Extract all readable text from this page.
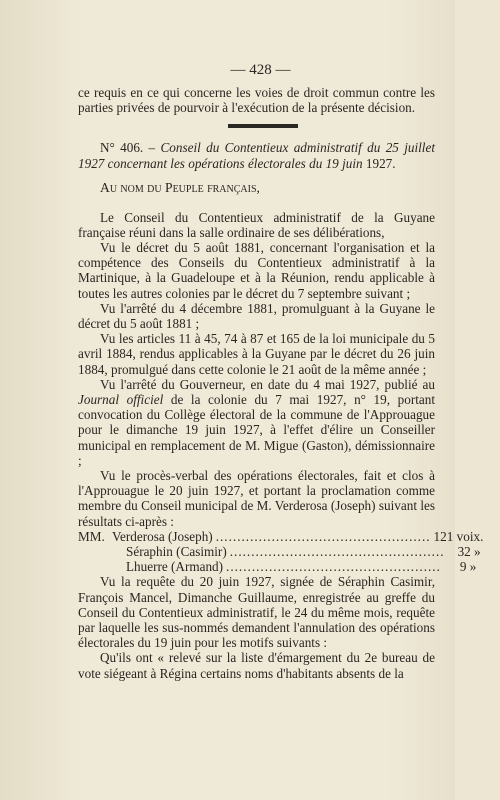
— 428 —

ce requis en ce qui concerne les voies de droit commun contre les parties privées de pourvoir à l'exécution de la présente décision.

N° 406. – Conseil du Contentieux administratif du 25 juillet 1927 concernant les opérations électorales du 19 juin 1927.

Au nom du Peuple français,

Le Conseil du Contentieux administratif de la Guyane française réuni dans la salle ordinaire de ses délibérations,

Vu le décret du 5 août 1881, concernant l'organisation et la compétence des Conseils du Contentieux administratif à la Martinique, à la Guadeloupe et à la Réunion, rendu applicable à toutes les autres colonies par le décret du 7 septembre suivant ;

Vu l'arrêté du 4 décembre 1881, promulguant à la Guyane le décret du 5 août 1881 ;

Vu les articles 11 à 45, 74 à 87 et 165 de la loi municipale du 5 avril 1884, rendus applicables à la Guyane par le décret du 26 juin 1884, promulgué dans cette colonie le 21 août de la même année ;

Vu l'arrêté du Gouverneur, en date du 4 mai 1927, publié au Journal officiel de la colonie du 7 mai 1927, n° 19, portant convocation du Collège électoral de la commune de l'Approuague pour le dimanche 19 juin 1927, à l'effet d'élire un Conseiller municipal en remplacement de M. Migue (Gaston), démissionnaire ;

Vu le procès-verbal des opérations électorales, fait et clos à l'Approuague le 20 juin 1927, et portant la proclamation comme membre du Conseil municipal de M. Verderosa (Joseph) suivant les résultats ci-après :

MM. Verderosa (Joseph) .................................................. 121 voix.
Séraphin (Casimir) .................................................. 32 »
Lhuerre (Armand) ..................................................	9 »

Vu la requête du 20 juin 1927, signée de Séraphin Casimir, François Mancel, Dimanche Guillaume, enregistrée au greffe du Conseil du Contentieux administratif, le 24 du même mois, requête par laquelle les sus-nommés demandent l'annulation des opérations électorales du 19 juin pour les motifs suivants :

Qu'ils ont « relevé sur la liste d'émargement du 2e bureau de vote siégeant à Régina certains noms d'habitants absents de la
